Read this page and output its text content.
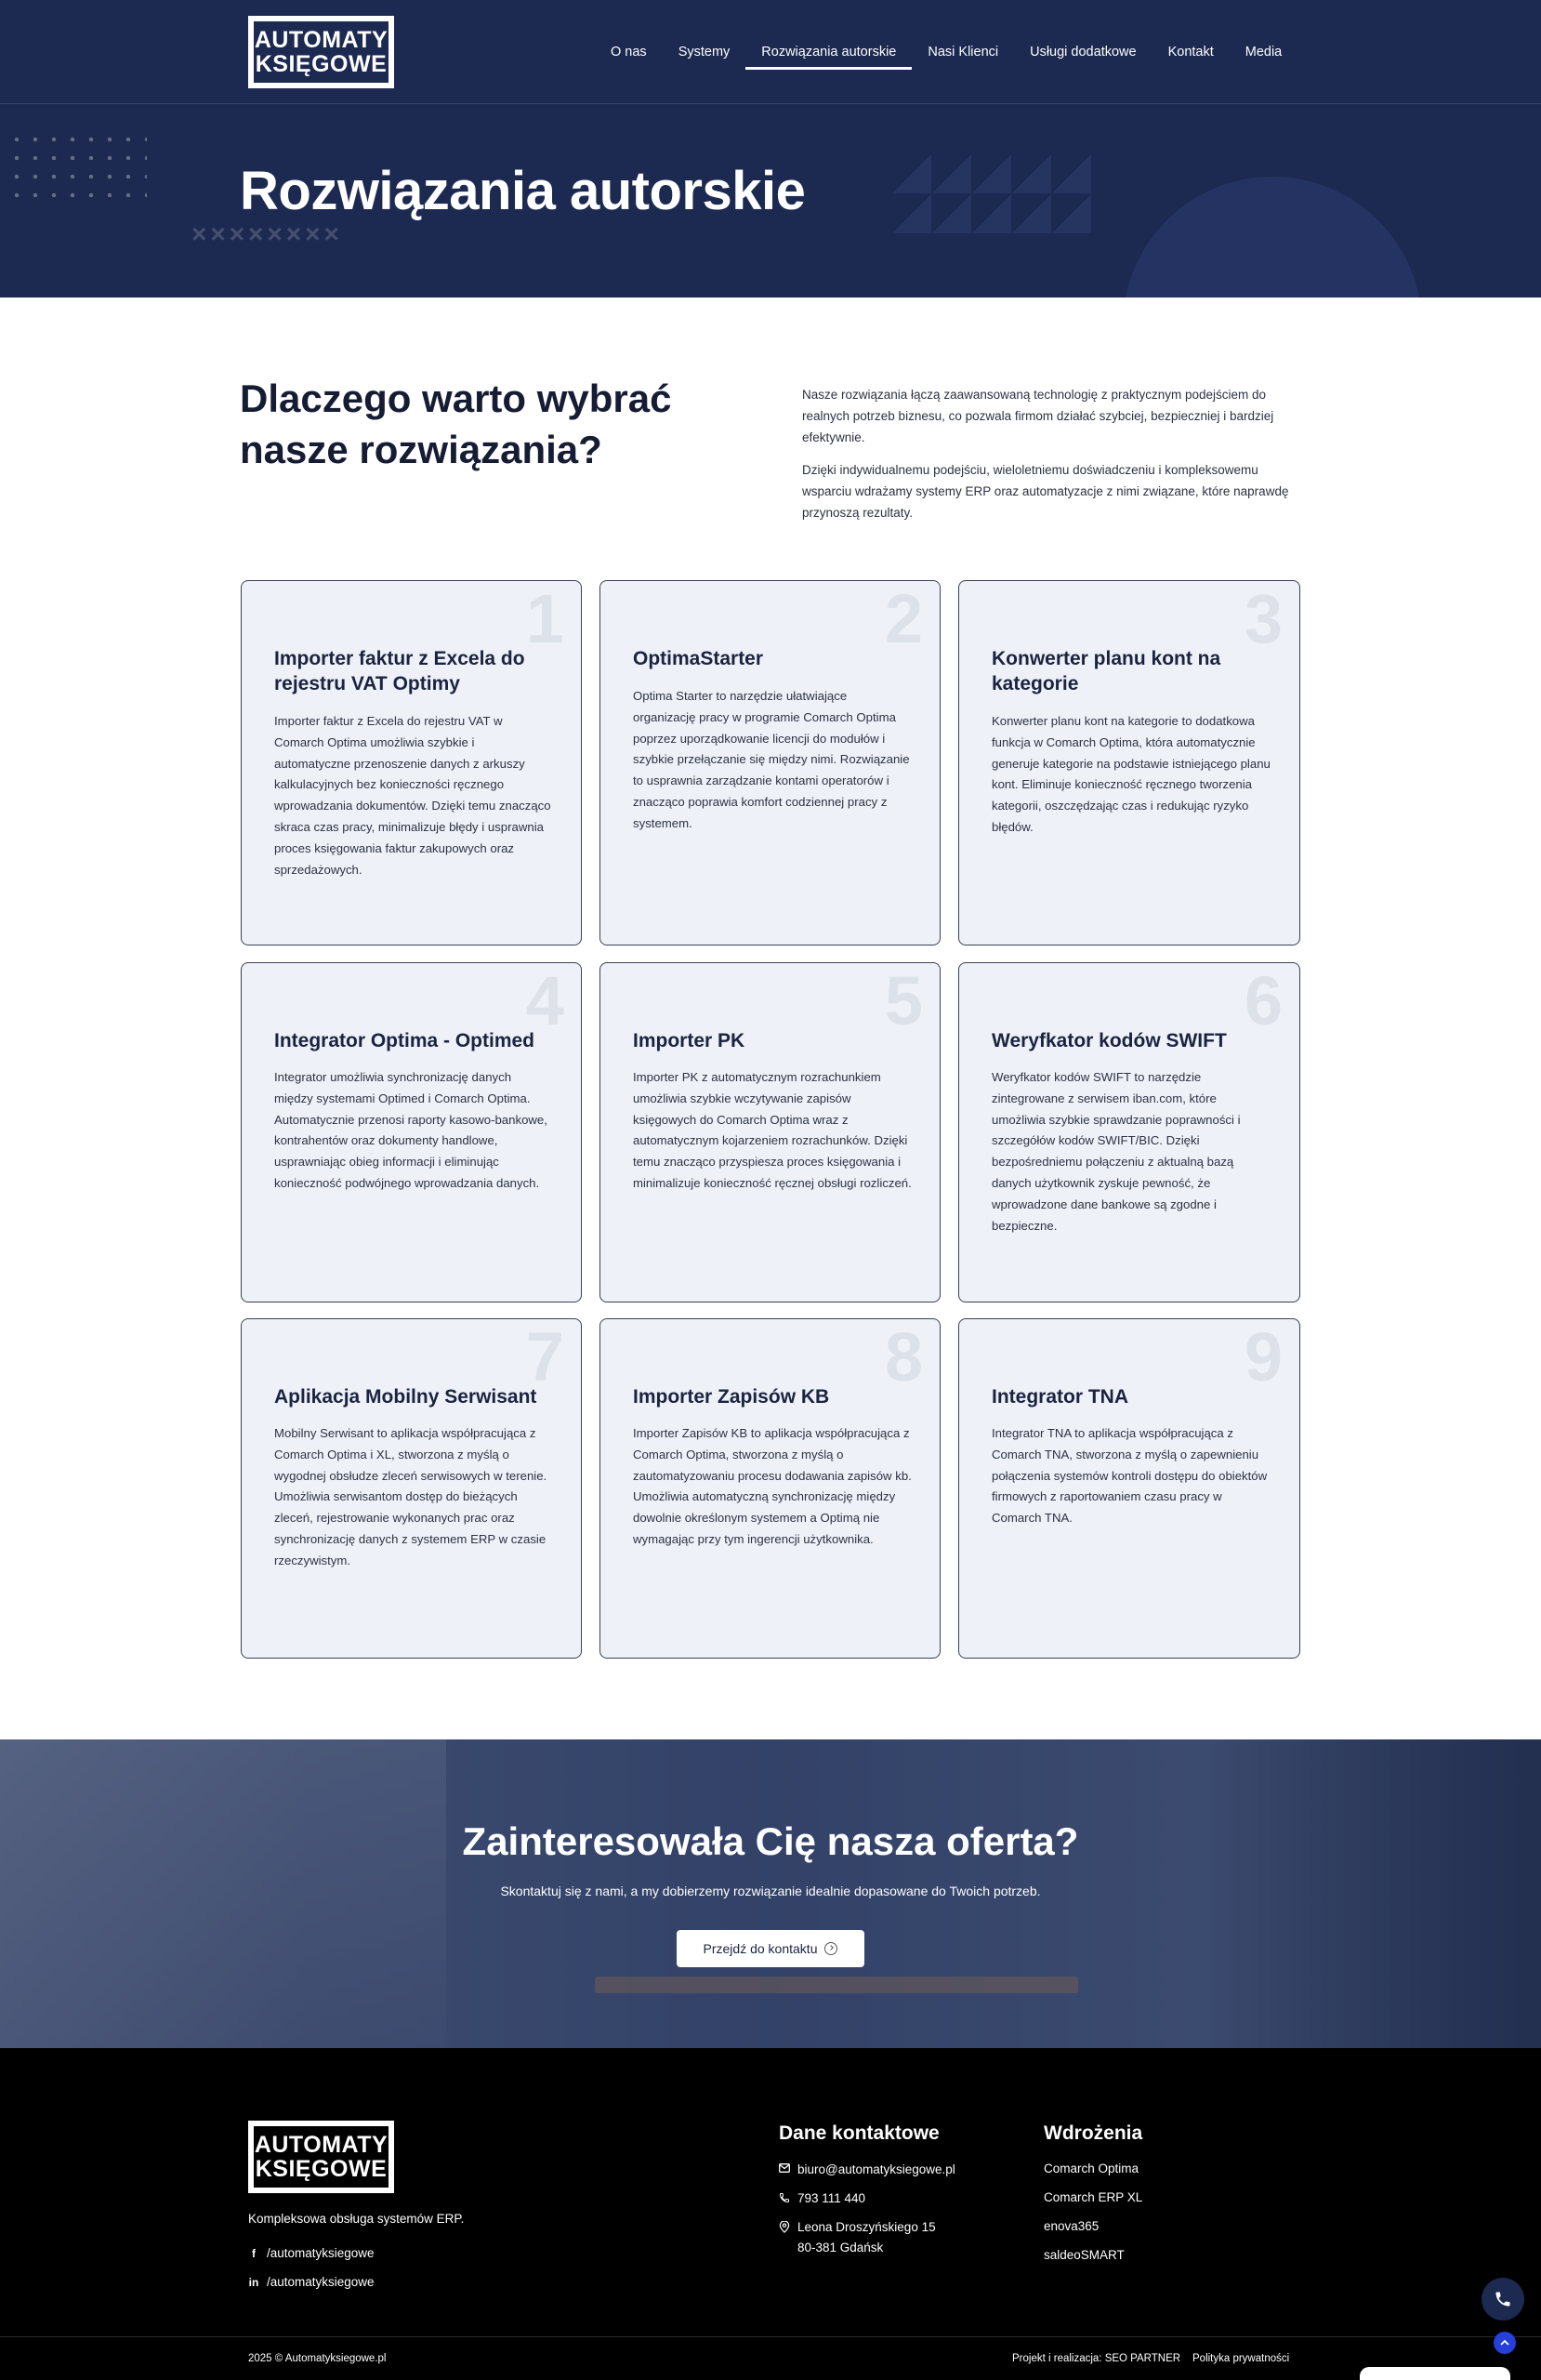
××××××××
AUTOMATY
KSIĘGOWE	O nas	Systemy	Rozwiązania autorskie	Nasi Klienci	Usługi dodatkowe	Kontakt	Media
Rozwiązania autorskie
Dlaczego warto wybrać nasze rozwiązania?

Nasze rozwiązania łączą zaawansowaną technologię z praktycznym podejściem do realnych potrzeb biznesu, co pozwala firmom działać szybciej, bezpieczniej i bardziej efektywnie.

Dzięki indywidualnemu podejściu, wieloletniemu doświadczeniu i kompleksowemu wsparciu wdrażamy systemy ERP oraz automatyzacje z nimi związane, które naprawdę przynoszą rezultaty.

1
Importer faktur z Excela do rejestru VAT Optimy

Importer faktur z Excela do rejestru VAT w Comarch Optima umożliwia szybkie i automatyczne przenoszenie danych z arkuszy kalkulacyjnych bez konieczności ręcznego wprowadzania dokumentów. Dzięki temu znacząco skraca czas pracy, minimalizuje błędy i usprawnia proces księgowania faktur zakupowych oraz sprzedażowych.

2
OptimaStarter

Optima Starter to narzędzie ułatwiające organizację pracy w programie Comarch Optima poprzez uporządkowanie licencji do modułów i szybkie przełączanie się między nimi. Rozwiązanie to usprawnia zarządzanie kontami operatorów i znacząco poprawia komfort codziennej pracy z systemem.

3
Konwerter planu kont na kategorie

Konwerter planu kont na kategorie to dodatkowa funkcja w Comarch Optima, która automatycznie generuje kategorie na podstawie istniejącego planu kont. Eliminuje konieczność ręcznego tworzenia kategorii, oszczędzając czas i redukując ryzyko błędów.

4
Integrator Optima - Optimed

Integrator umożliwia synchronizację danych między systemami Optimed i Comarch Optima. Automatycznie przenosi raporty kasowo-bankowe, kontrahentów oraz dokumenty handlowe, usprawniając obieg informacji i eliminując konieczność podwójnego wprowadzania danych.

5
Importer PK

Importer PK z automatycznym rozrachunkiem umożliwia szybkie wczytywanie zapisów księgowych do Comarch Optima wraz z automatycznym kojarzeniem rozrachunków. Dzięki temu znacząco przyspiesza proces księgowania i minimalizuje konieczność ręcznej obsługi rozliczeń.

6
Weryfkator kodów SWIFT

Weryfkator kodów SWIFT to narzędzie zintegrowane z serwisem iban.com, które umożliwia szybkie sprawdzanie poprawności i szczegółów kodów SWIFT/BIC. Dzięki bezpośredniemu połączeniu z aktualną bazą danych użytkownik zyskuje pewność, że wprowadzone dane bankowe są zgodne i bezpieczne.

7
Aplikacja Mobilny Serwisant

Mobilny Serwisant to aplikacja współpracująca z Comarch Optima i XL, stworzona z myślą o wygodnej obsłudze zleceń serwisowych w terenie. Umożliwia serwisantom dostęp do bieżących zleceń, rejestrowanie wykonanych prac oraz synchronizację danych z systemem ERP w czasie rzeczywistym.

8
Importer Zapisów KB

Importer Zapisów KB to aplikacja współpracująca z Comarch Optima, stworzona z myślą o zautomatyzowaniu procesu dodawania zapisów kb. Umożliwia automatyczną synchronizację między dowolnie określonym systemem a Optimą nie wymagając przy tym ingerencji użytkownika.

9
Integrator TNA

Integrator TNA to aplikacja współpracująca z Comarch TNA, stworzona z myślą o zapewnieniu połączenia systemów kontroli dostępu do obiektów firmowych z raportowaniem czasu pracy w Comarch TNA.

Zainteresowała Cię nasza oferta?

Skontaktuj się z nami, a my dobierzemy rozwiązanie idealnie dopasowane do Twoich potrzeb.

Przejdź do kontaktu
AUTOMATY
KSIĘGOWE

Kompleksowa obsługa systemów ERP.

f /automatyksiegowe
in /automatyksiegowe
Dane kontaktowe
biuro@automatyksiegowe.pl
793 111 440
Leona Droszyńskiego 15
80-381 Gdańsk
Wdrożenia
Comarch Optima
Comarch ERP XL
enova365
saldeoSMART
2025 © Automatyksiegowe.pl	Projekt i realizacja: SEO PARTNER Polityka prywatności
